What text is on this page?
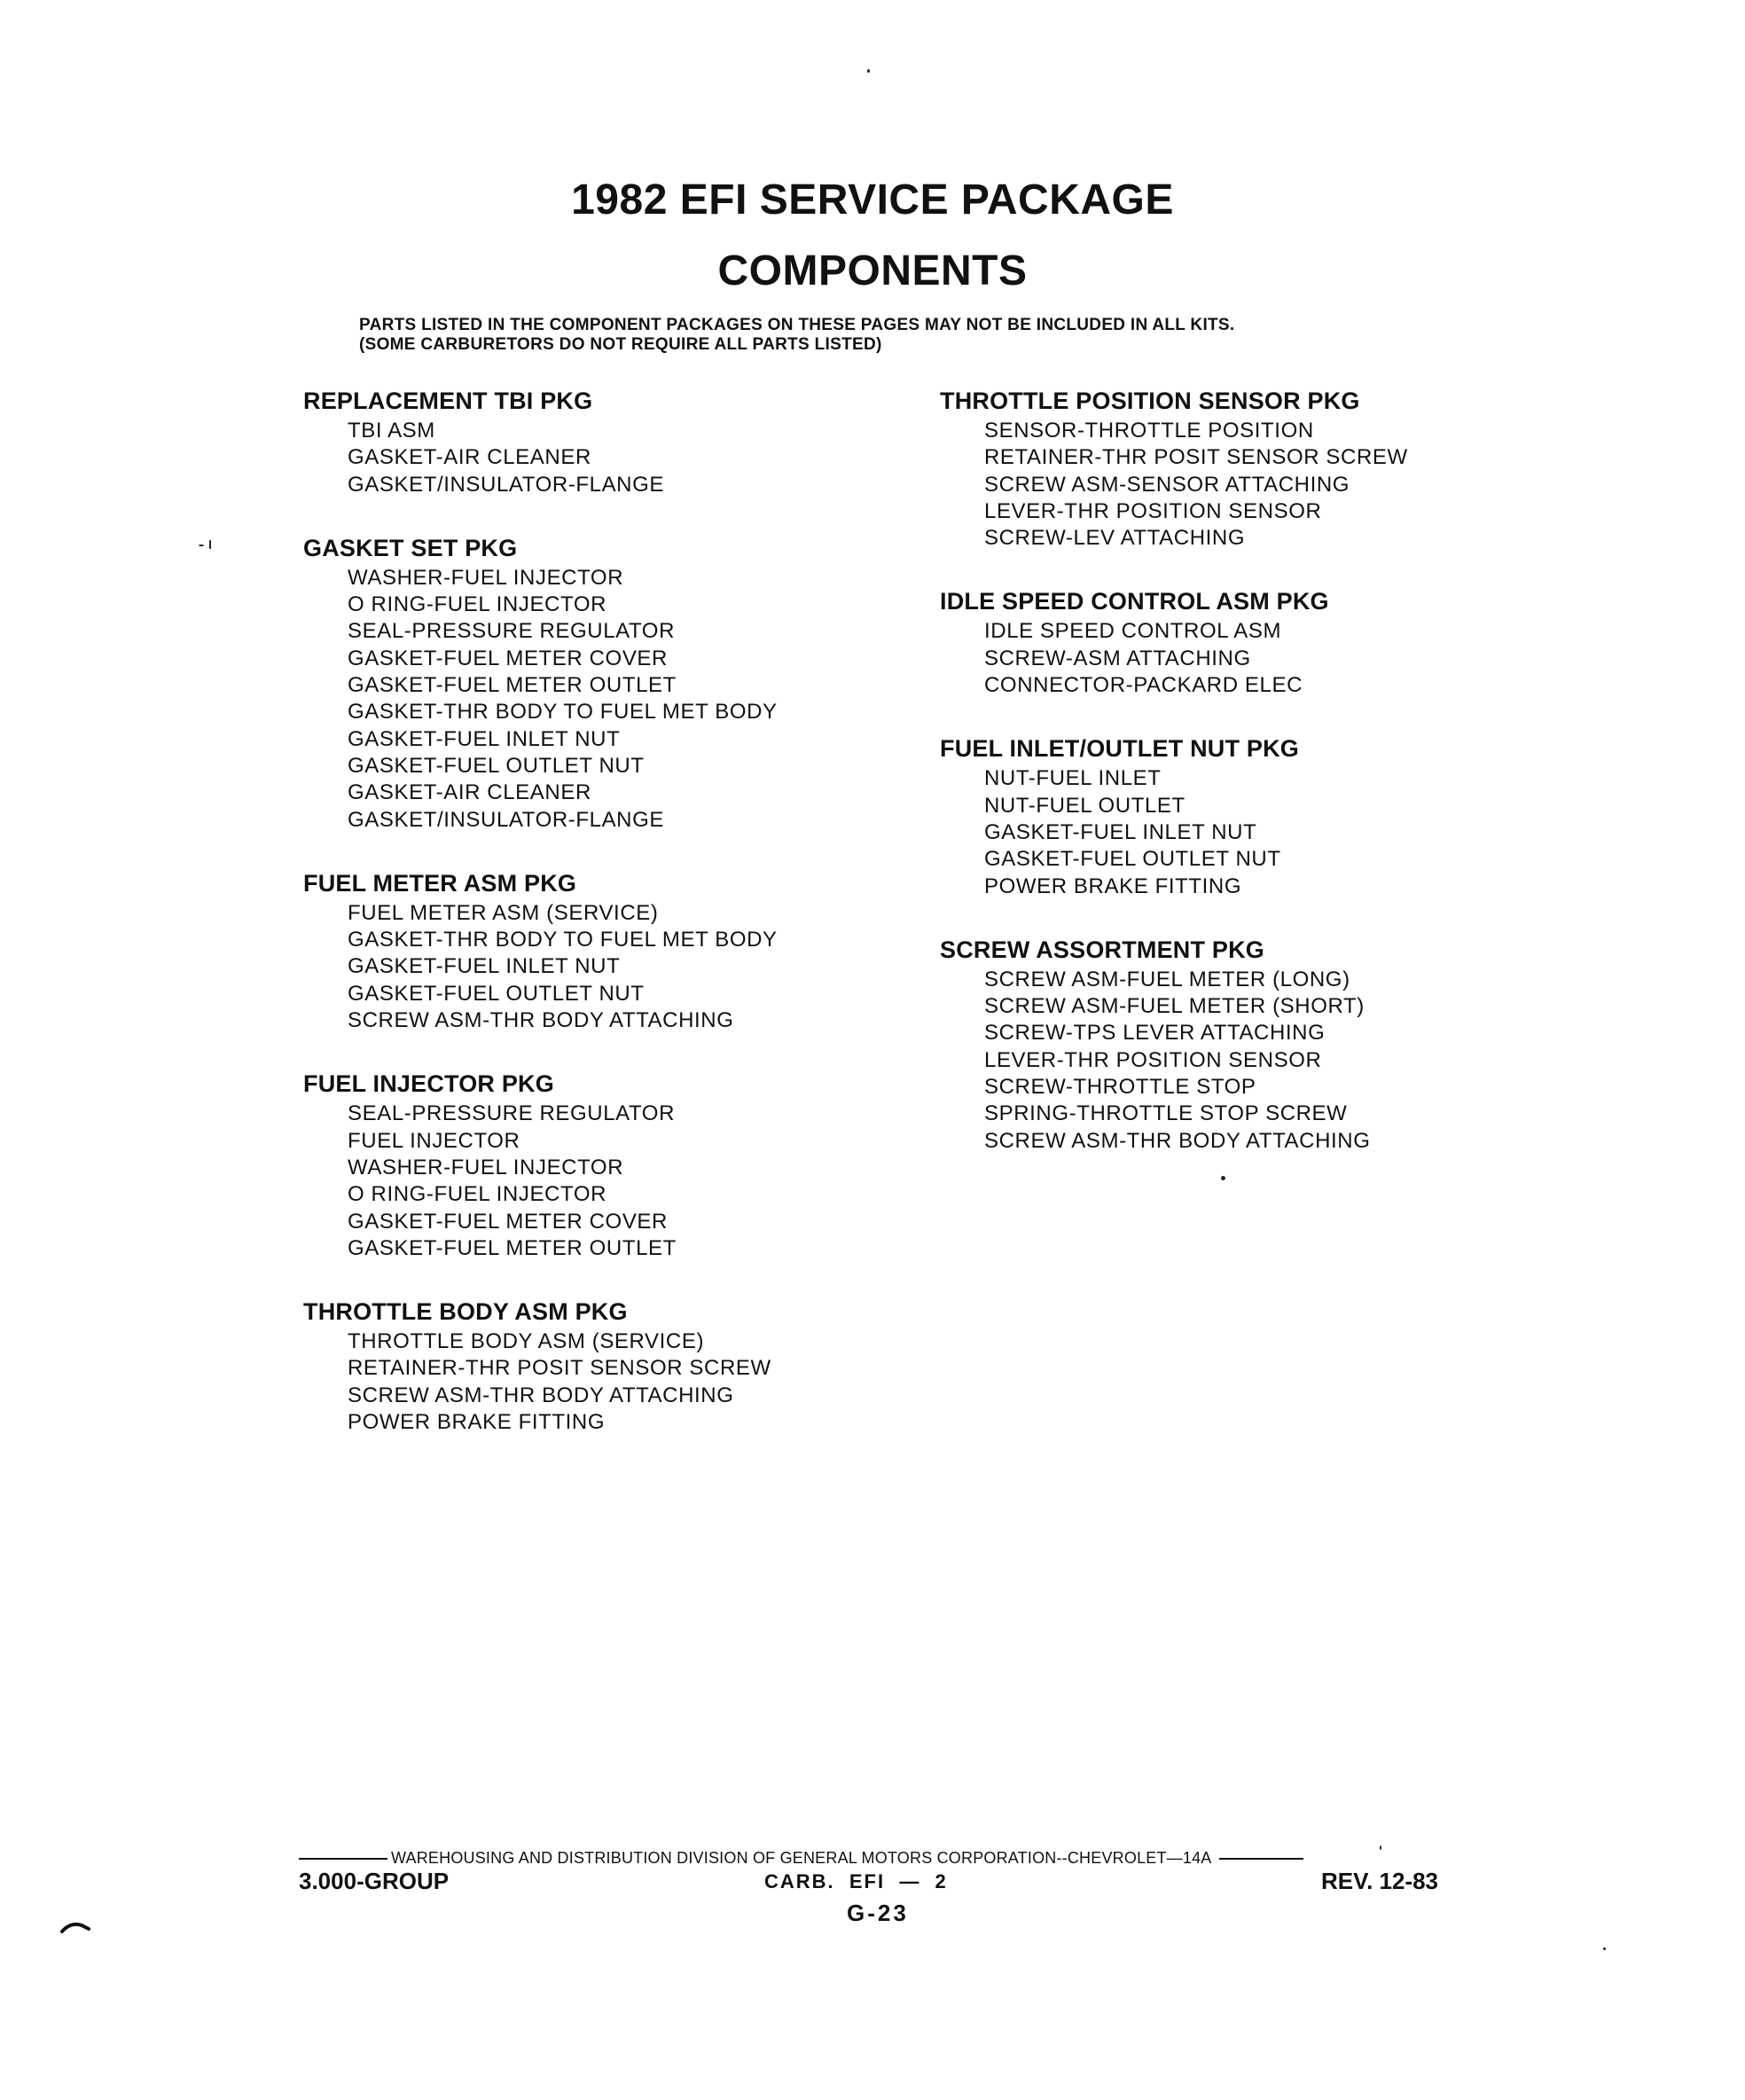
1982 EFI SERVICE PACKAGE
COMPONENTS
PARTS LISTED IN THE COMPONENT PACKAGES ON THESE PAGES MAY NOT BE INCLUDED IN ALL KITS.
(SOME CARBURETORS DO NOT REQUIRE ALL PARTS LISTED)
REPLACEMENT TBI PKG
TBI ASM
GASKET-AIR CLEANER
GASKET/INSULATOR-FLANGE
GASKET SET PKG
WASHER-FUEL INJECTOR
O RING-FUEL INJECTOR
SEAL-PRESSURE REGULATOR
GASKET-FUEL METER COVER
GASKET-FUEL METER OUTLET
GASKET-THR BODY TO FUEL MET BODY
GASKET-FUEL INLET NUT
GASKET-FUEL OUTLET NUT
GASKET-AIR CLEANER
GASKET/INSULATOR-FLANGE
FUEL METER ASM PKG
FUEL METER ASM (SERVICE)
GASKET-THR BODY TO FUEL MET BODY
GASKET-FUEL INLET NUT
GASKET-FUEL OUTLET NUT
SCREW ASM-THR BODY ATTACHING
FUEL INJECTOR PKG
SEAL-PRESSURE REGULATOR
FUEL INJECTOR
WASHER-FUEL INJECTOR
O RING-FUEL INJECTOR
GASKET-FUEL METER COVER
GASKET-FUEL METER OUTLET
THROTTLE BODY ASM PKG
THROTTLE BODY ASM (SERVICE)
RETAINER-THR POSIT SENSOR SCREW
SCREW ASM-THR BODY ATTACHING
POWER BRAKE FITTING
THROTTLE POSITION SENSOR PKG
SENSOR-THROTTLE POSITION
RETAINER-THR POSIT SENSOR SCREW
SCREW ASM-SENSOR ATTACHING
LEVER-THR POSITION SENSOR
SCREW-LEV ATTACHING
IDLE SPEED CONTROL ASM PKG
IDLE SPEED CONTROL ASM
SCREW-ASM ATTACHING
CONNECTOR-PACKARD ELEC
FUEL INLET/OUTLET NUT PKG
NUT-FUEL INLET
NUT-FUEL OUTLET
GASKET-FUEL INLET NUT
GASKET-FUEL OUTLET NUT
POWER BRAKE FITTING
SCREW ASSORTMENT PKG
SCREW ASM-FUEL METER (LONG)
SCREW ASM-FUEL METER (SHORT)
SCREW-TPS LEVER ATTACHING
LEVER-THR POSITION SENSOR
SCREW-THROTTLE STOP
SPRING-THROTTLE STOP SCREW
SCREW ASM-THR BODY ATTACHING
WAREHOUSING AND DISTRIBUTION DIVISION OF GENERAL MOTORS CORPORATION--CHEVROLET—14A
3.000-GROUP	CARB.  EFI  —  2	REV. 12-83
G-23
